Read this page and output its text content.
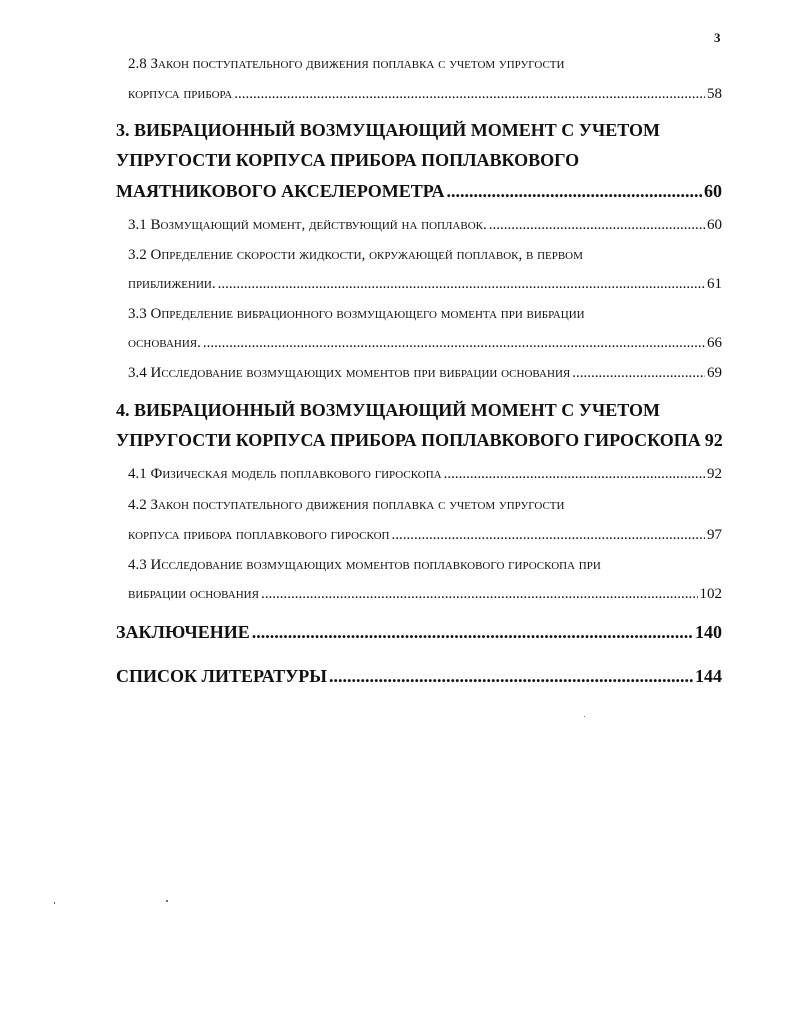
3
2.8 Закон поступательного движения поплавка с учетом упругости
корпуса прибора .....	58
3. ВИБРАЦИОННЫЙ ВОЗМУЩАЮЩИЙ МОМЕНТ С УЧЕТОМ
УПРУГОСТИ КОРПУСА ПРИБОРА ПОПЛАВКОВОГО
МАЯТНИКОВОГО АКСЕЛЕРОМЕТРА .....	60
3.1 Возмущающий момент, действующий на поплавок. .....	60
3.2 Определение скорости жидкости, окружающей поплавок, в первом
приближении. .....	61
3.3 Определение вибрационного возмущающего момента при вибрации
основания. .....	66
3.4 Исследование возмущающих моментов при вибрации основания .....	69
4. ВИБРАЦИОННЫЙ ВОЗМУЩАЮЩИЙ МОМЕНТ С УЧЕТОМ
УПРУГОСТИ КОРПУСА ПРИБОРА ПОПЛАВКОВОГО ГИРОСКОПА 92
4.1 Физическая модель поплавкового гироскопа .....	92
4.2 Закон поступательного движения поплавка с учетом упругости
корпуса прибора поплавкового гироскоп .....	97
4.3 Исследование возмущающих моментов поплавкового гироскопа при
вибрации основания .....	102
ЗАКЛЮЧЕНИЕ .....	140
СПИСОК ЛИТЕРАТУРЫ .....	144
